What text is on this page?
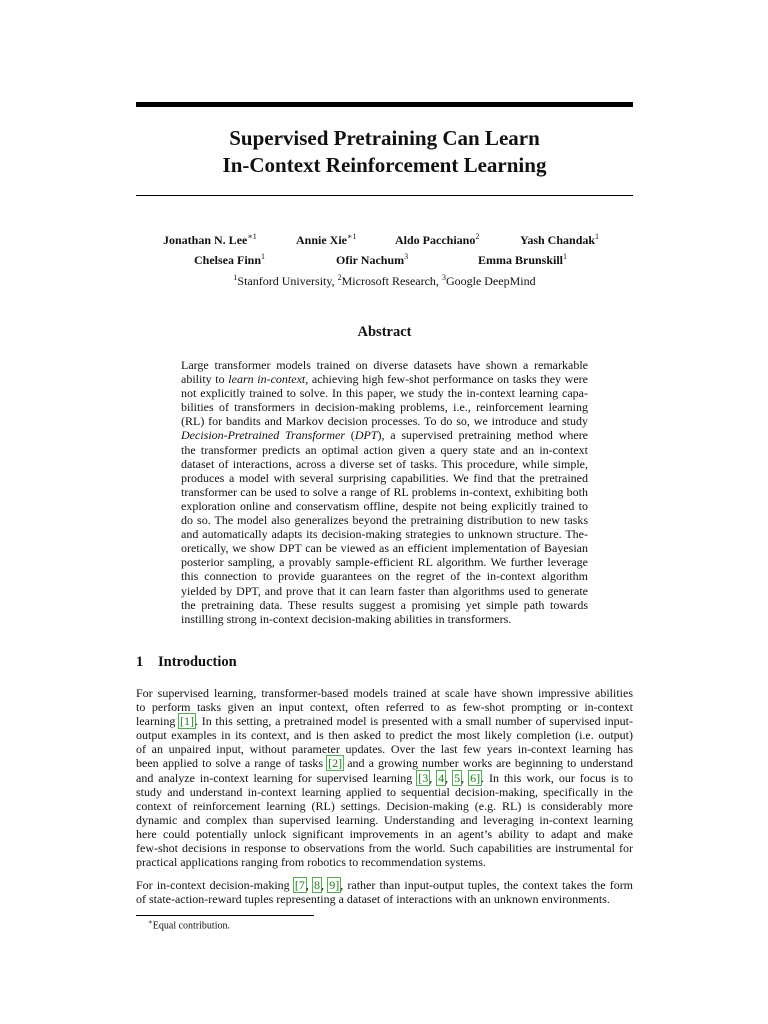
Supervised Pretraining Can Learn
In-Context Reinforcement Learning
Jonathan N. Lee$^{∗1}$	Annie Xie$^{∗1}$	Aldo Pacchiano$^2$	Yash Chandak$^1$
Chelsea Finn$^1$	Ofir Nachum$^3$	Emma Brunskill$^1$
$^1$Stanford University, $^2$Microsoft Research, $^3$Google DeepMind
Abstract
Large transformer models trained on diverse datasets have shown a remarkable
ability to learn in-context, achieving high few-shot performance on tasks they were
not explicitly trained to solve. In this paper, we study the in-context learning capa-
bilities of transformers in decision-making problems, i.e., reinforcement learning
(RL) for bandits and Markov decision processes. To do so, we introduce and study
Decision-Pretrained Transformer (DPT), a supervised pretraining method where
the transformer predicts an optimal action given a query state and an in-context
dataset of interactions, across a diverse set of tasks. This procedure, while simple,
produces a model with several surprising capabilities. We find that the pretrained
transformer can be used to solve a range of RL problems in-context, exhibiting both
exploration online and conservatism offline, despite not being explicitly trained to
do so. The model also generalizes beyond the pretraining distribution to new tasks
and automatically adapts its decision-making strategies to unknown structure. The-
oretically, we show DPT can be viewed as an efficient implementation of Bayesian
posterior sampling, a provably sample-efficient RL algorithm. We further leverage
this connection to provide guarantees on the regret of the in-context algorithm
yielded by DPT, and prove that it can learn faster than algorithms used to generate
the pretraining data. These results suggest a promising yet simple path towards
instilling strong in-context decision-making abilities in transformers.
1 Introduction
For supervised learning, transformer-based models trained at scale have shown impressive abilities
to perform tasks given an input context, often referred to as few-shot prompting or in-context
learning [1]. In this setting, a pretrained model is presented with a small number of supervised input-
output examples in its context, and is then asked to predict the most likely completion (i.e. output)
of an unpaired input, without parameter updates. Over the last few years in-context learning has
been applied to solve a range of tasks [2] and a growing number works are beginning to understand
and analyze in-context learning for supervised learning [3, 4, 5, 6]. In this work, our focus is to
study and understand in-context learning applied to sequential decision-making, specifically in the
context of reinforcement learning (RL) settings. Decision-making (e.g. RL) is considerably more
dynamic and complex than supervised learning. Understanding and leveraging in-context learning
here could potentially unlock significant improvements in an agent’s ability to adapt and make
few-shot decisions in response to observations from the world. Such capabilities are instrumental for
practical applications ranging from robotics to recommendation systems.
For in-context decision-making [7, 8, 9], rather than input-output tuples, the context takes the form
of state-action-reward tuples representing a dataset of interactions with an unknown environments.
∗Equal contribution.
